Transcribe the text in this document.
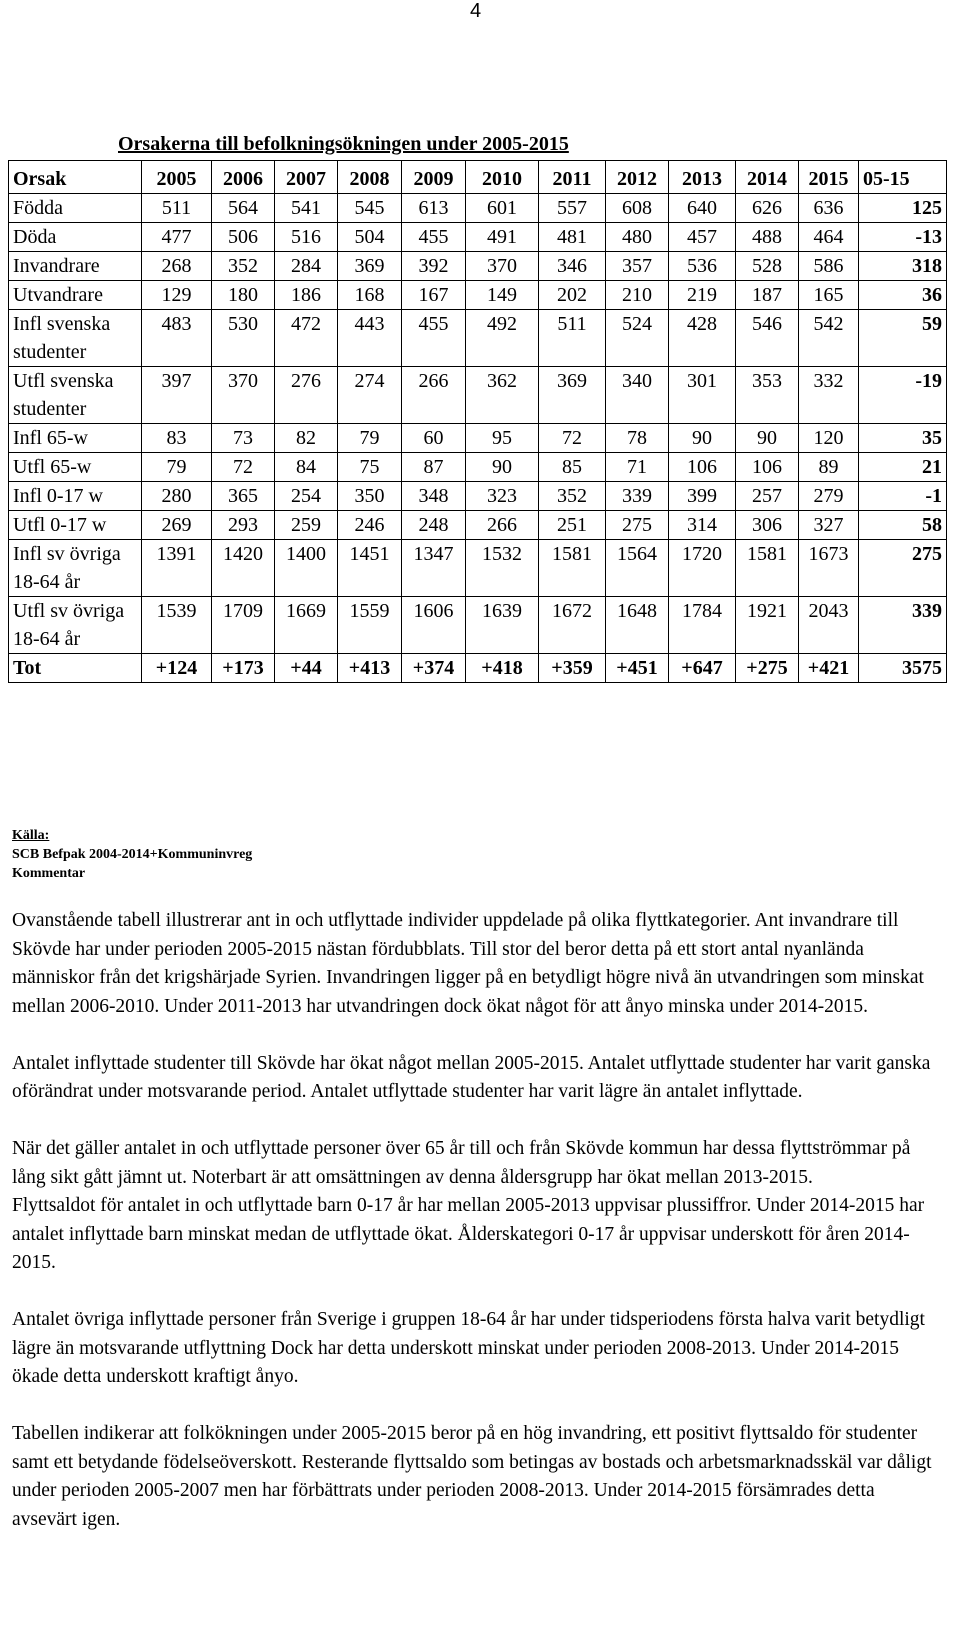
4
Orsakerna till befolkningsökningen under 2005-2015
Orsak	2005	2006	2007	2008	2009	2010	2011	2012	2013	2014	2015	05-15
Födda	511	564	541	545	613	601	557	608	640	626	636	125
Döda	477	506	516	504	455	491	481	480	457	488	464	-13
Invandrare	268	352	284	369	392	370	346	357	536	528	586	318
Utvandrare	129	180	186	168	167	149	202	210	219	187	165	36
Infl svenska studenter	483	530	472	443	455	492	511	524	428	546	542	59
Utfl svenska studenter	397	370	276	274	266	362	369	340	301	353	332	-19
Infl 65-w	83	73	82	79	60	95	72	78	90	90	120	35
Utfl 65-w	79	72	84	75	87	90	85	71	106	106	89	21
Infl 0-17 w	280	365	254	350	348	323	352	339	399	257	279	-1
Utfl 0-17 w	269	293	259	246	248	266	251	275	314	306	327	58
Infl sv övriga 18-64 år	1391	1420	1400	1451	1347	1532	1581	1564	1720	1581	1673	275
Utfl sv övriga 18-64 år	1539	1709	1669	1559	1606	1639	1672	1648	1784	1921	2043	339
Tot	+124	+173	+44	+413	+374	+418	+359	+451	+647	+275	+421	3575
Källa:
SCB Befpak 2004-2014+Kommuninvreg
Kommentar

Ovanstående tabell illustrerar ant in och utflyttade individer uppdelade på olika flyttkategorier. Ant invandrare till Skövde har under perioden 2005-2015 nästan fördubblats. Till stor del beror detta på ett stort antal nyanlända människor från det krigshärjade Syrien. Invandringen ligger på en betydligt högre nivå än utvandringen som minskat mellan 2006-2010. Under 2011-2013 har utvandringen dock ökat något för att ånyo minska under 2014-2015.

Antalet inflyttade studenter till Skövde har ökat något mellan 2005-2015. Antalet utflyttade studenter har varit ganska oförändrat under motsvarande period. Antalet utflyttade studenter har varit lägre än antalet inflyttade.

När det gäller antalet in och utflyttade personer över 65 år till och från Skövde kommun har dessa flyttströmmar på lång sikt gått jämnt ut. Noterbart är att omsättningen av denna åldersgrupp har ökat mellan 2013-2015.

Flyttsaldot för antalet in och utflyttade barn 0-17 år har mellan 2005-2013 uppvisar plussiffror. Under 2014-2015 har antalet inflyttade barn minskat medan de utflyttade ökat. Ålderskategori 0-17 år uppvisar underskott för åren 2014-2015.

Antalet övriga inflyttade personer från Sverige i gruppen 18-64 år har under tidsperiodens första halva varit betydligt lägre än motsvarande utflyttning Dock har detta underskott minskat under perioden 2008-2013. Under 2014-2015 ökade detta underskott kraftigt ånyo.

Tabellen indikerar att folkökningen under 2005-2015 beror på en hög invandring, ett positivt flyttsaldo för studenter samt ett betydande födelseöverskott. Resterande flyttsaldo som betingas av bostads och arbetsmarknadsskäl var dåligt under perioden 2005-2007 men har förbättrats under perioden 2008-2013. Under 2014-2015 försämrades detta avsevärt igen.
